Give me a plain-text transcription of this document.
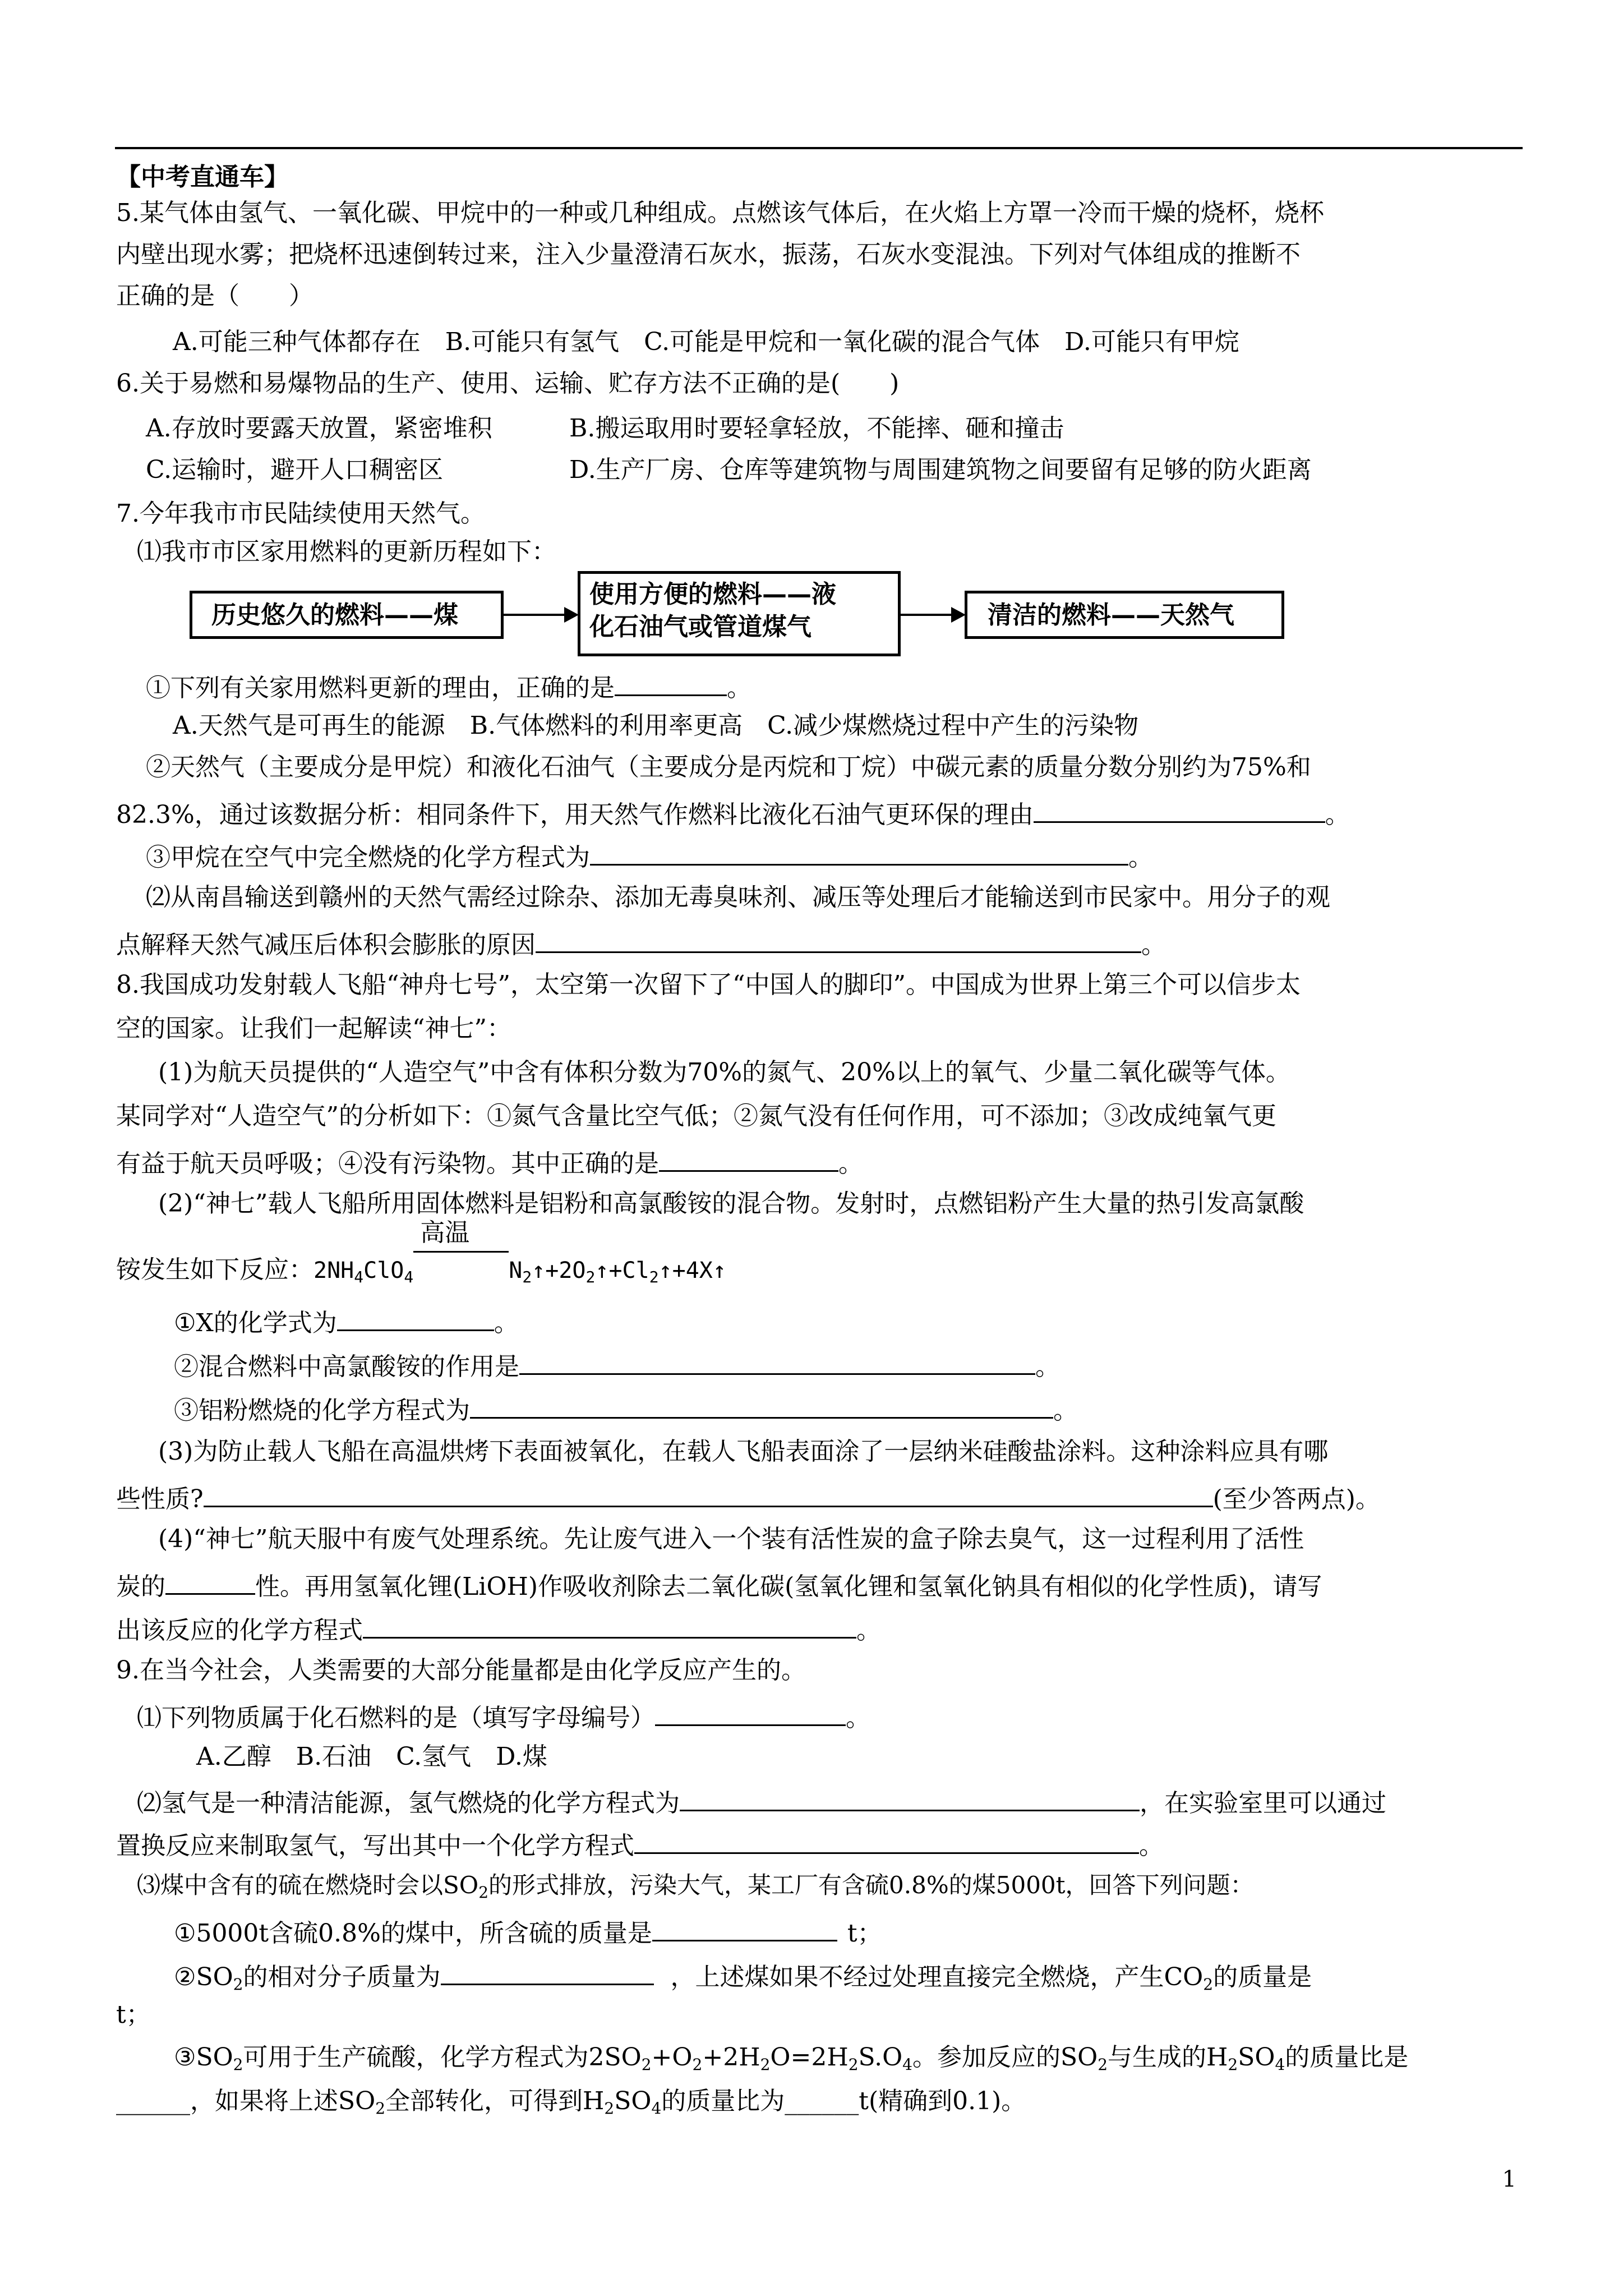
【中考直通车】
5.某气体由氢气、一氧化碳、甲烷中的一种或几种组成。点燃该气体后，在火焰上方罩一冷而干燥的烧杯，烧杯
内壁出现水雾；把烧杯迅速倒转过来，注入少量澄清石灰水，振荡，石灰水变混浊。下列对气体组成的推断不
正确的是（　　）
A.可能三种气体都存在　B.可能只有氢气　C.可能是甲烷和一氧化碳的混合气体　D.可能只有甲烷
6.关于易燃和易爆物品的生产、使用、运输、贮存方法不正确的是(　　)
A.存放时要露天放置，紧密堆积	B.搬运取用时要轻拿轻放，不能摔、砸和撞击
C.运输时，避开人口稠密区	D.生产厂房、仓库等建筑物与周围建筑物之间要留有足够的防火距离
7.今年我市市民陆续使用天然气。
⑴我市市区家用燃料的更新历程如下：
历史悠久的燃料——煤
使用方便的燃料——液
化石油气或管道煤气	清洁的燃料——天然气
①下列有关家用燃料更新的理由，正确的是	。
A.天然气是可再生的能源　B.气体燃料的利用率更高　C.减少煤燃烧过程中产生的污染物
②天然气（主要成分是甲烷）和液化石油气（主要成分是丙烷和丁烷）中碳元素的质量分数分别约为75%和
82.3%，通过该数据分析：相同条件下，用天然气作燃料比液化石油气更环保的理由	。
③甲烷在空气中完全燃烧的化学方程式为	。
⑵从南昌输送到赣州的天然气需经过除杂、添加无毒臭味剂、减压等处理后才能输送到市民家中。用分子的观
点解释天然气减压后体积会膨胀的原因	。
8.我国成功发射载人飞船“神舟七号”，太空第一次留下了“中国人的脚印”。中国成为世界上第三个可以信步太
空的国家。让我们一起解读“神七”：
(1)为航天员提供的“人造空气”中含有体积分数为70%的氮气、20%以上的氧气、少量二氧化碳等气体。
某同学对“人造空气”的分析如下：①氮气含量比空气低；②氮气没有任何作用，可不添加；③改成纯氧气更
有益于航天员呼吸；④没有污染物。其中正确的是	。
(2)“神七”载人飞船所用固体燃料是铝粉和高氯酸铵的混合物。发射时，点燃铝粉产生大量的热引发高氯酸
铵发生如下反应：$2NH_4ClO_4$
高温
$N_2↑+2O_2↑+Cl_2↑+4X↑$
①X的化学式为	。
②混合燃料中高氯酸铵的作用是	。
③铝粉燃烧的化学方程式为	。
(3)为防止载人飞船在高温烘烤下表面被氧化，在载人飞船表面涂了一层纳米硅酸盐涂料。这种涂料应具有哪
些性质?	(至少答两点)。
(4)“神七”航天服中有废气处理系统。先让废气进入一个装有活性炭的盒子除去臭气，这一过程利用了活性
炭的	性。再用氢氧化锂(LiOH)作吸收剂除去二氧化碳(氢氧化锂和氢氧化钠具有相似的化学性质)，请写
出该反应的化学方程式	。
9.在当今社会，人类需要的大部分能量都是由化学反应产生的。
⑴下列物质属于化石燃料的是（填写字母编号）	。
A.乙醇　B.石油　C.氢气　D.煤
⑵氢气是一种清洁能源，氢气燃烧的化学方程式为	，在实验室里可以通过
置换反应来制取氢气，写出其中一个化学方程式	。
⑶煤中含有的硫在燃烧时会以$SO_2$的形式排放，污染大气，某工厂有含硫0.8%的煤5000t，回答下列问题：
①5000t含硫0.8%的煤中，所含硫的质量是	t；
$②SO_2$的相对分子质量为	，上述煤如果不经过处理直接完全燃烧，产生$CO_2$的质量是
t；
$③SO_2$可用于生产硫酸，化学方程式为$2SO_2+O_2+2H_2O=2H_2S.O_4$。参加反应的$SO_2$与生成的$H_2SO_4$的质量比是
______，如果将上述$SO_2$全部转化，可得到$H_2SO_4$的质量比为______t(精确到0.1)。
1
